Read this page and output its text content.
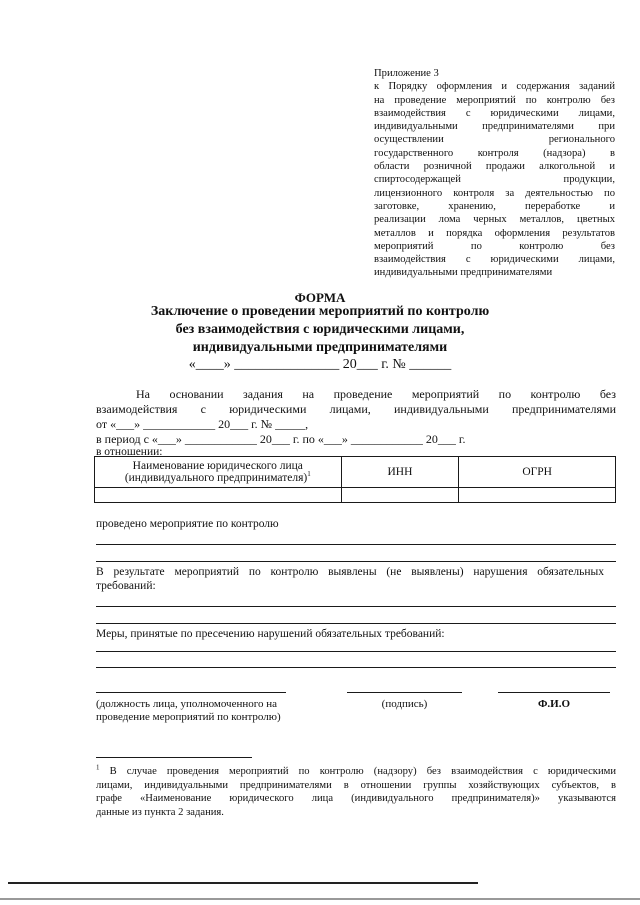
Приложение 3
к Порядку оформления и содержания заданий
на проведение мероприятий по контролю без
взаимодействия с юридическими лицами,
индивидуальными предпринимателями при
осуществлении регионального
государственного контроля (надзора) в
области розничной продажи алкогольной и
спиртосодержащей продукции,
лицензионного контроля за деятельностью по
заготовке, хранению, переработке и
реализации лома черных металлов, цветных
металлов и порядка оформления результатов
мероприятий по контролю без
взаимодействия с юридическими лицами,
индивидуальными предпринимателями
ФОРМА
Заключение о проведении мероприятий по контролю
без взаимодействия с юридическими лицами,
индивидуальными предпринимателями
«____» _______________ 20___ г. № ______
На основании задания на проведение мероприятий по контролю без
взаимодействия с юридическими лицами, индивидуальными предпринимателями
от «___» ____________ 20___ г. № _____,
в период с «___» ____________ 20___ г. по «___» ____________ 20___ г.
в отношении:
Наименование юридического лица
(индивидуального предпринимателя)$^1$	ИНН	ОГРН

проведено мероприятие по контролю
В результате мероприятий по контролю выявлены (не выявлены) нарушения обязательных
требований:
Меры, принятые по пресечению нарушений обязательных требований:
(должность лица, уполномоченного на
проведение мероприятий по контролю)
(подпись)	Ф.И.О
$^1$ В случае проведения мероприятий по контролю (надзору) без взаимодействия с юридическими
лицами, индивидуальными предпринимателями в отношении группы хозяйствующих субъектов, в
графе «Наименование юридического лица (индивидуального предпринимателя)» указываются
данные из пункта 2 задания.
